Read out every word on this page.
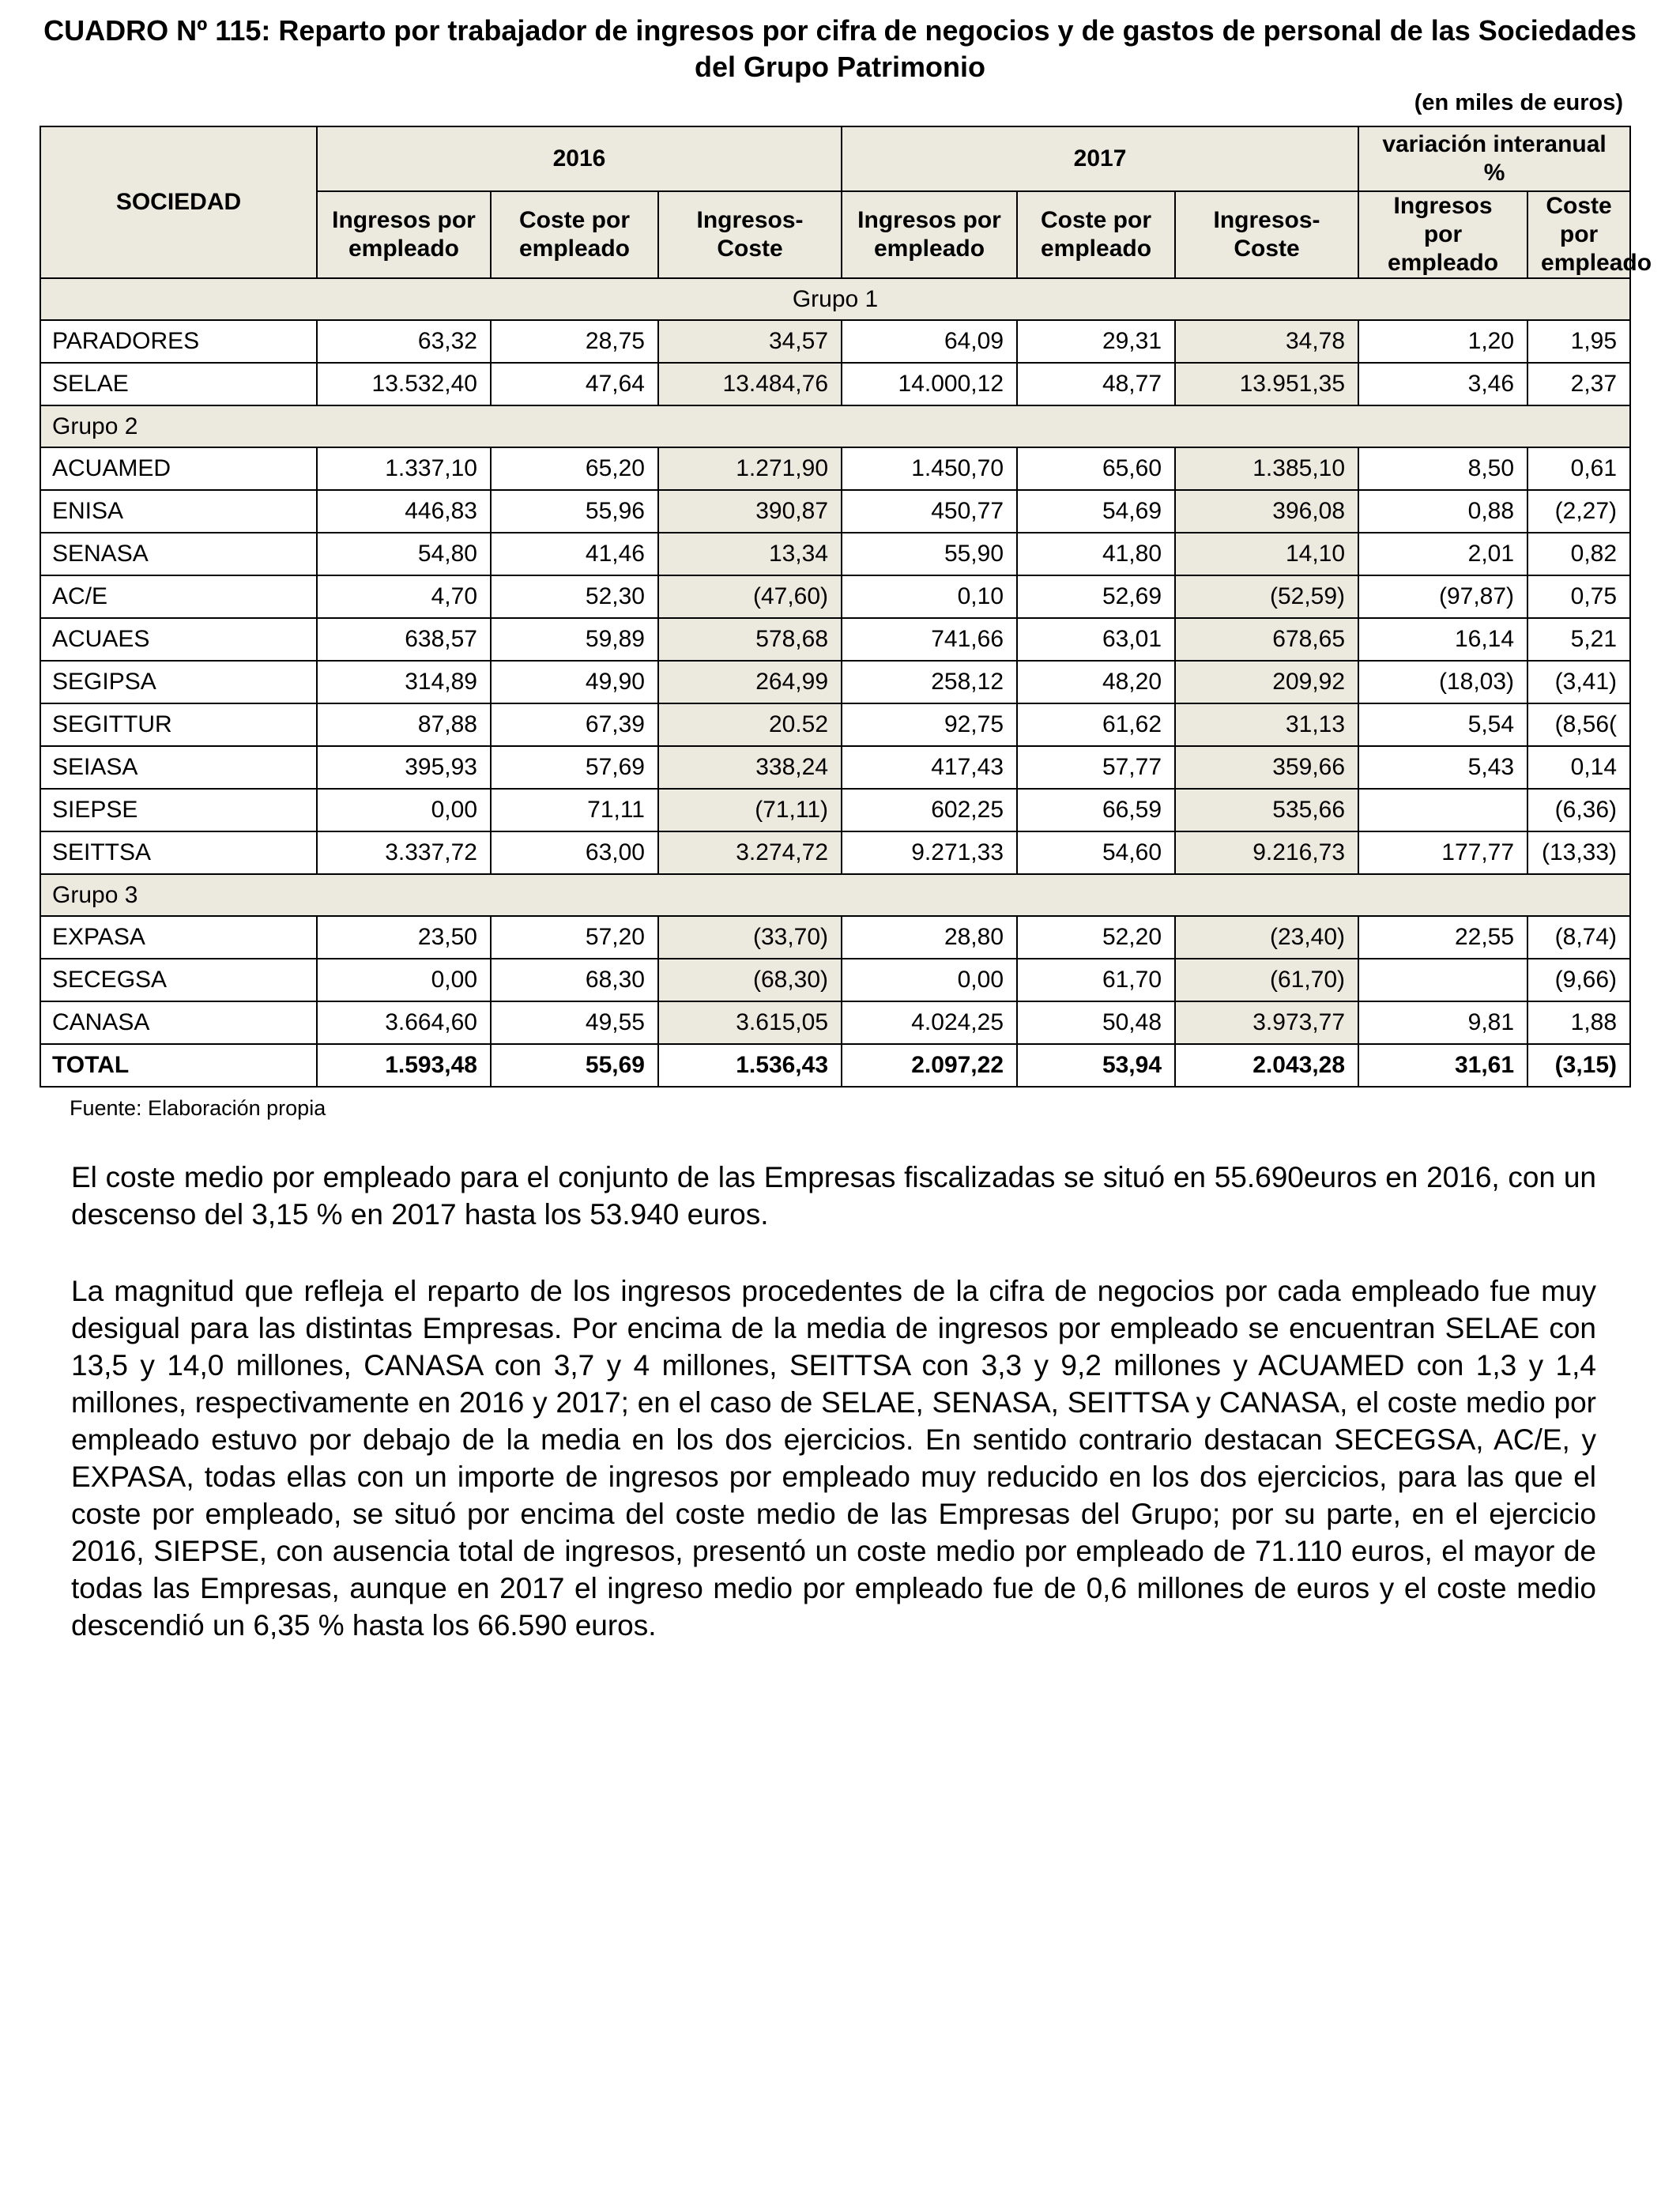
CUADRO Nº 115: Reparto por trabajador de ingresos por cifra de negocios y de gastos de personal de las Sociedades del Grupo Patrimonio
(en miles de euros)
SOCIEDAD	2016			2017			variación interanual %	
	Ingresos por empleado	Coste por empleado	Ingresos-Coste	Ingresos por empleado	Coste por empleado	Ingresos-Coste	Ingresos por empleado	Coste por empleado
Grupo 1								
PARADORES	63,32	28,75	34,57	64,09	29,31	34,78	1,20	1,95
SELAE	13.532,40	47,64	13.484,76	14.000,12	48,77	13.951,35	3,46	2,37
Grupo 2								
ACUAMED	1.337,10	65,20	1.271,90	1.450,70	65,60	1.385,10	8,50	0,61
ENISA	446,83	55,96	390,87	450,77	54,69	396,08	0,88	(2,27)
SENASA	54,80	41,46	13,34	55,90	41,80	14,10	2,01	0,82
AC/E	4,70	52,30	(47,60)	0,10	52,69	(52,59)	(97,87)	0,75
ACUAES	638,57	59,89	578,68	741,66	63,01	678,65	16,14	5,21
SEGIPSA	314,89	49,90	264,99	258,12	48,20	209,92	(18,03)	(3,41)
SEGITTUR	87,88	67,39	20.52	92,75	61,62	31,13	5,54	(8,56(
SEIASA	395,93	57,69	338,24	417,43	57,77	359,66	5,43	0,14
SIEPSE	0,00	71,11	(71,11)	602,25	66,59	535,66		(6,36)
SEITTSA	3.337,72	63,00	3.274,72	9.271,33	54,60	9.216,73	177,77	(13,33)
Grupo 3								
EXPASA	23,50	57,20	(33,70)	28,80	52,20	(23,40)	22,55	(8,74)
SECEGSA	0,00	68,30	(68,30)	0,00	61,70	(61,70)		(9,66)
CANASA	3.664,60	49,55	3.615,05	4.024,25	50,48	3.973,77	9,81	1,88
TOTAL	1.593,48	55,69	1.536,43	2.097,22	53,94	2.043,28	31,61	(3,15)
Fuente: Elaboración propia

El coste medio por empleado para el conjunto de las Empresas fiscalizadas se situó en 55.690euros en 2016, con un descenso del 3,15 % en 2017 hasta los 53.940 euros.

La magnitud que refleja el reparto de los ingresos procedentes de la cifra de negocios por cada empleado fue muy desigual para las distintas Empresas. Por encima de la media de ingresos por empleado se encuentran SELAE con 13,5 y 14,0 millones, CANASA con 3,7 y 4 millones, SEITTSA con 3,3 y 9,2 millones y ACUAMED con 1,3 y 1,4 millones, respectivamente en 2016 y 2017; en el caso de SELAE, SENASA, SEITTSA y CANASA, el coste medio por empleado estuvo por debajo de la media en los dos ejercicios. En sentido contrario destacan SECEGSA, AC/E, y EXPASA, todas ellas con un importe de ingresos por empleado muy reducido en los dos ejercicios, para las que el coste por empleado, se situó por encima del coste medio de las Empresas del Grupo; por su parte, en el ejercicio 2016, SIEPSE, con ausencia total de ingresos, presentó un coste medio por empleado de 71.110 euros, el mayor de todas las Empresas, aunque en 2017 el ingreso medio por empleado fue de 0,6 millones de euros y el coste medio descendió un 6,35 % hasta los 66.590 euros.
